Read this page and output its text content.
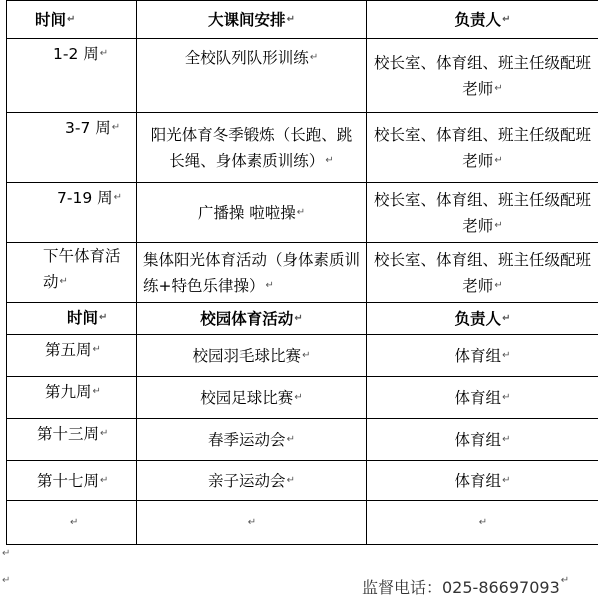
时间↵	大课间安排↵	负责人↵
1-2 周↵	全校队列队形训练↵	校长室、体育组、班主任级配班老师↵
3-7 周↵	阳光体育冬季锻炼（长跑、跳长绳、身体素质训练）↵	校长室、体育组、班主任级配班老师↵
7-19 周↵	广播操 啦啦操↵	校长室、体育组、班主任级配班老师↵
下午体育活动↵	集体阳光体育活动（身体素质训练+特色乐律操）↵	校长室、体育组、班主任级配班老师↵
时间↵	校园体育活动↵	负责人↵
第五周↵	校园羽毛球比赛↵	体育组↵
第九周↵	校园足球比赛↵	体育组↵
第十三周↵	春季运动会↵	体育组↵
第十七周↵	亲子运动会↵	体育组↵
↵	↵	↵
↵
↵	监督电话：025-86697093↵
